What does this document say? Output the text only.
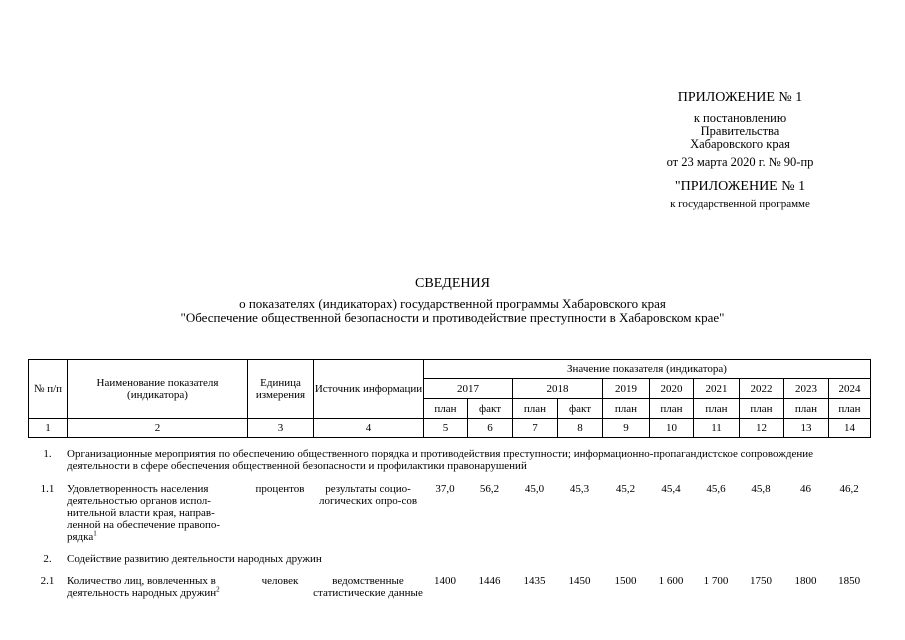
ПРИЛОЖЕНИЕ № 1
к постановлению
Правительства
Хабаровского края
от 23 марта 2020 г. № 90-пр
"ПРИЛОЖЕНИЕ № 1
к государственной программе
СВЕДЕНИЯ
о показателях (индикаторах) государственной программы Хабаровского края
"Обеспечение общественной безопасности и противодействие преступности в Хабаровском крае"
№ п/п	Наименование показателя (индикатора)	Единица измерения	Источник информации	Значение показателя (индикатора)									
				2017		2018		2019	2020	2021	2022	2023	2024
				план	факт	план	факт	план	план	план	план	план	план
1	2	3	4	5	6	7	8	9	10	11	12	13	14
1.	Организационные мероприятия по обеспечению общественного порядка и противодействия преступности; информационно-пропагандистское сопровождение деятельности в сфере обеспечения общественной безопасности и профилактики правонарушений												
1.1	Удовлетворенность населения деятельностью органов испол-нительной власти края, направ-ленной на обеспечение правопо-рядка$^1$	процентов	результаты социо-логических опро-сов	37,0	56,2	45,0	45,3	45,2	45,4	45,6	45,8	46	46,2
2.	Содействие развитию деятельности народных дружин												
2.1	Количество лиц, вовлеченных в деятельность народных дружин$^2$	человек	ведомственные статистические данные	1400	1446	1435	1450	1500	1 600	1 700	1750	1800	1850
